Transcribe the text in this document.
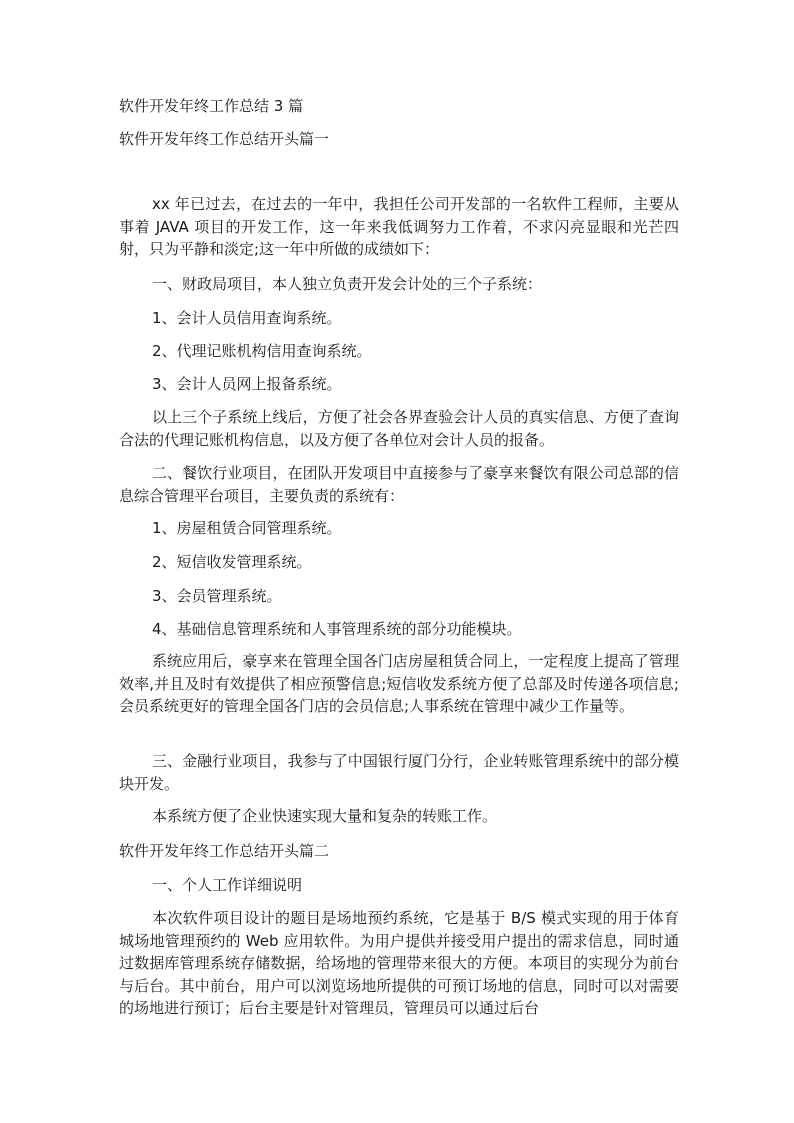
软件开发年终工作总结 3 篇

软件开发年终工作总结开头篇一

xx 年已过去，在过去的一年中，我担任公司开发部的一名软件工程师，主要从事着 JAVA 项目的开发工作，这一年来我低调努力工作着，不求闪亮显眼和光芒四射，只为平静和淡定;这一年中所做的成绩如下：

一、财政局项目，本人独立负责开发会计处的三个子系统：

1、会计人员信用查询系统。

2、代理记账机构信用查询系统。

3、会计人员网上报备系统。

以上三个子系统上线后，方便了社会各界查验会计人员的真实信息、方便了查询合法的代理记账机构信息，以及方便了各单位对会计人员的报备。

二、餐饮行业项目，在团队开发项目中直接参与了豪享来餐饮有限公司总部的信息综合管理平台项目，主要负责的系统有：

1、房屋租赁合同管理系统。

2、短信收发管理系统。

3、会员管理系统。

4、基础信息管理系统和人事管理系统的部分功能模块。

系统应用后，豪享来在管理全国各门店房屋租赁合同上，一定程度上提高了管理效率,并且及时有效提供了相应预警信息;短信收发系统方便了总部及时传递各项信息;会员系统更好的管理全国各门店的会员信息;人事系统在管理中减少工作量等。

三、金融行业项目，我参与了中国银行厦门分行，企业转账管理系统中的部分模块开发。

本系统方便了企业快速实现大量和复杂的转账工作。

软件开发年终工作总结开头篇二

一、个人工作详细说明

本次软件项目设计的题目是场地预约系统，它是基于 B/S 模式实现的用于体育城场地管理预约的 Web 应用软件。为用户提供并接受用户提出的需求信息，同时通过数据库管理系统存储数据，给场地的管理带来很大的方便。本项目的实现分为前台与后台。其中前台，用户可以浏览场地所提供的可预订场地的信息，同时可以对需要的场地进行预订；后台主要是针对管理员，管理员可以通过后台
